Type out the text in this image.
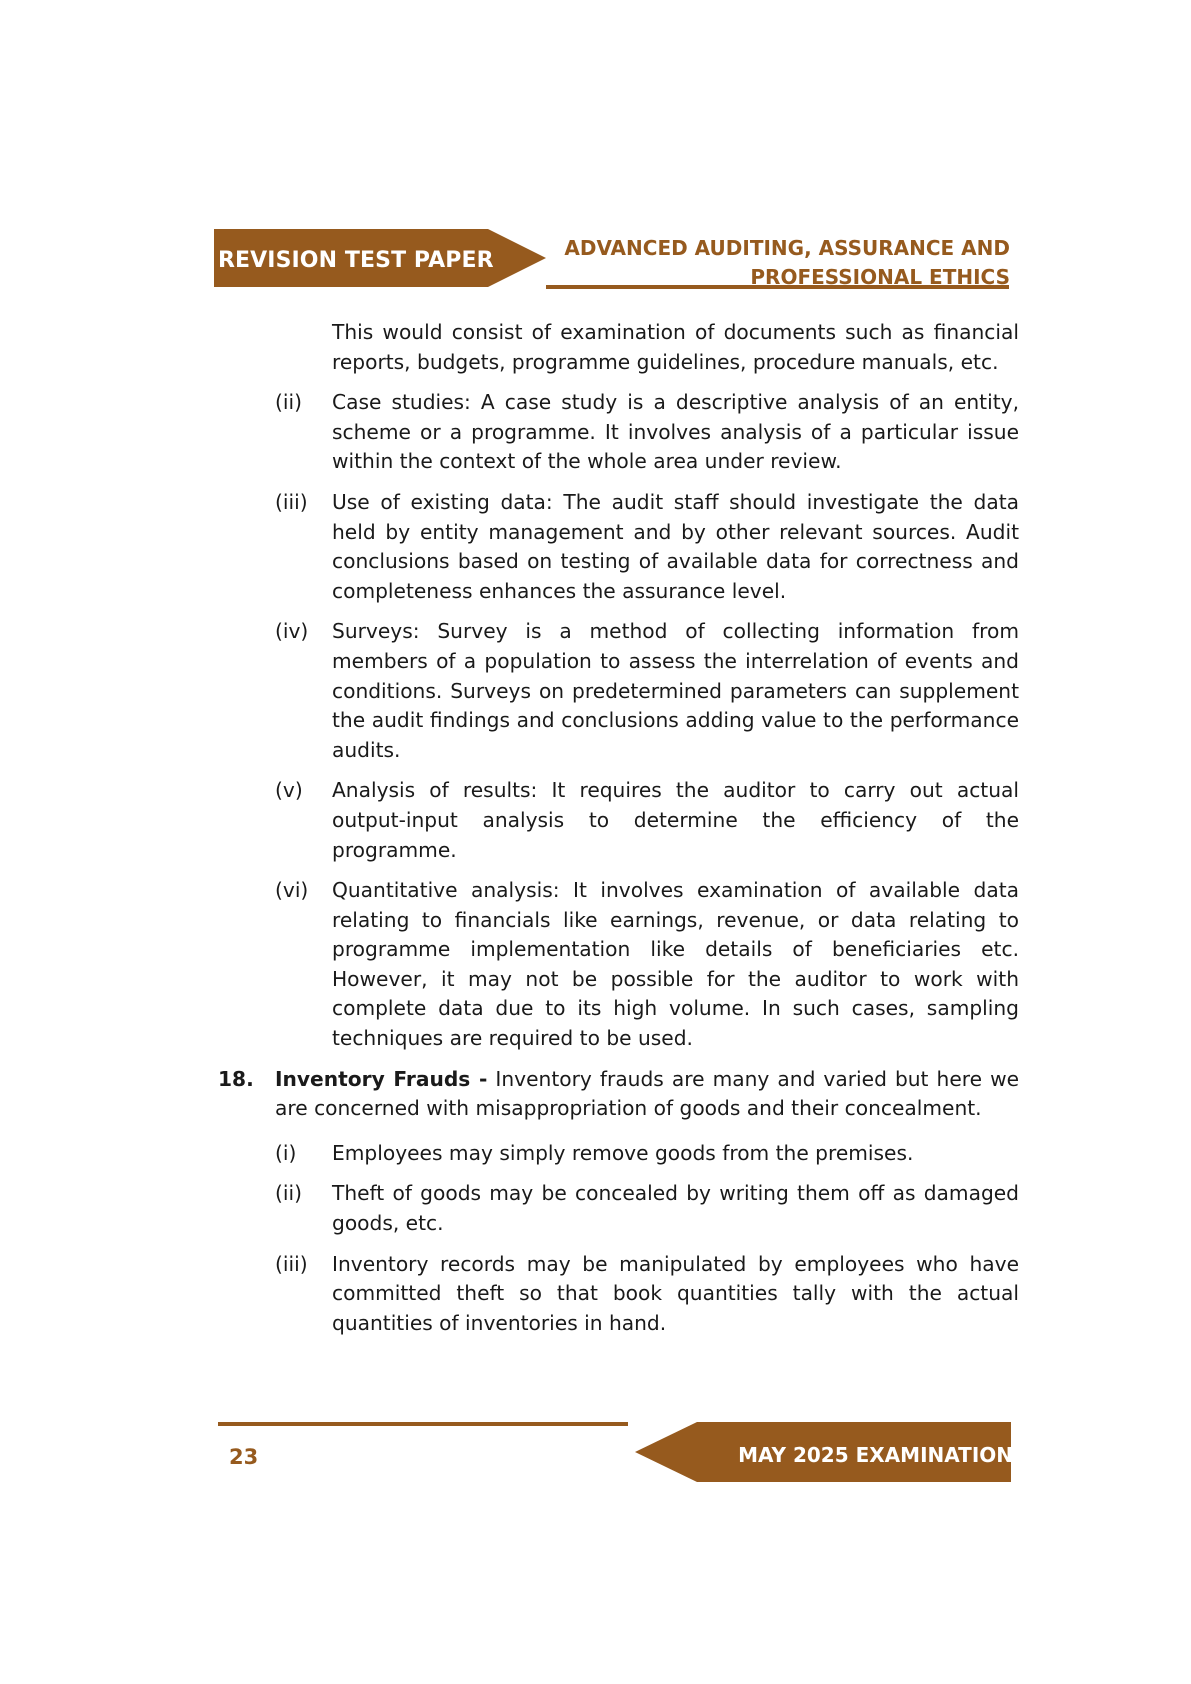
REVISION TEST PAPER	ADVANCED AUDITING, ASSURANCE AND
PROFESSIONAL ETHICS

This would consist of examination of documents such as financial reports, budgets, programme guidelines, procedure manuals, etc.

(ii)	Case studies: A case study is a descriptive analysis of an entity, scheme or a programme. It involves analysis of a particular issue within the context of the whole area under review.
(iii)	Use of existing data: The audit staff should investigate the data held by entity management and by other relevant sources. Audit conclusions based on testing of available data for correctness and completeness enhances the assurance level.
(iv)	Surveys: Survey is a method of collecting information from members of a population to assess the interrelation of events and conditions. Surveys on predetermined parameters can supplement the audit findings and conclusions adding value to the performance audits.
(v)	Analysis of results: It requires the auditor to carry out actual output-input analysis to determine the efficiency of the programme.
(vi)	Quantitative analysis: It involves examination of available data relating to financials like earnings, revenue, or data relating to programme implementation like details of beneficiaries etc. However, it may not be possible for the auditor to work with complete data due to its high volume. In such cases, sampling techniques are required to be used.
18.	Inventory Frauds - Inventory frauds are many and varied but here we are concerned with misappropriation of goods and their concealment.
(i)	Employees may simply remove goods from the premises.
(ii)	Theft of goods may be concealed by writing them off as damaged goods, etc.
(iii)	Inventory records may be manipulated by employees who have committed theft so that book quantities tally with the actual quantities of inventories in hand.
23	MAY 2025 EXAMINATION
